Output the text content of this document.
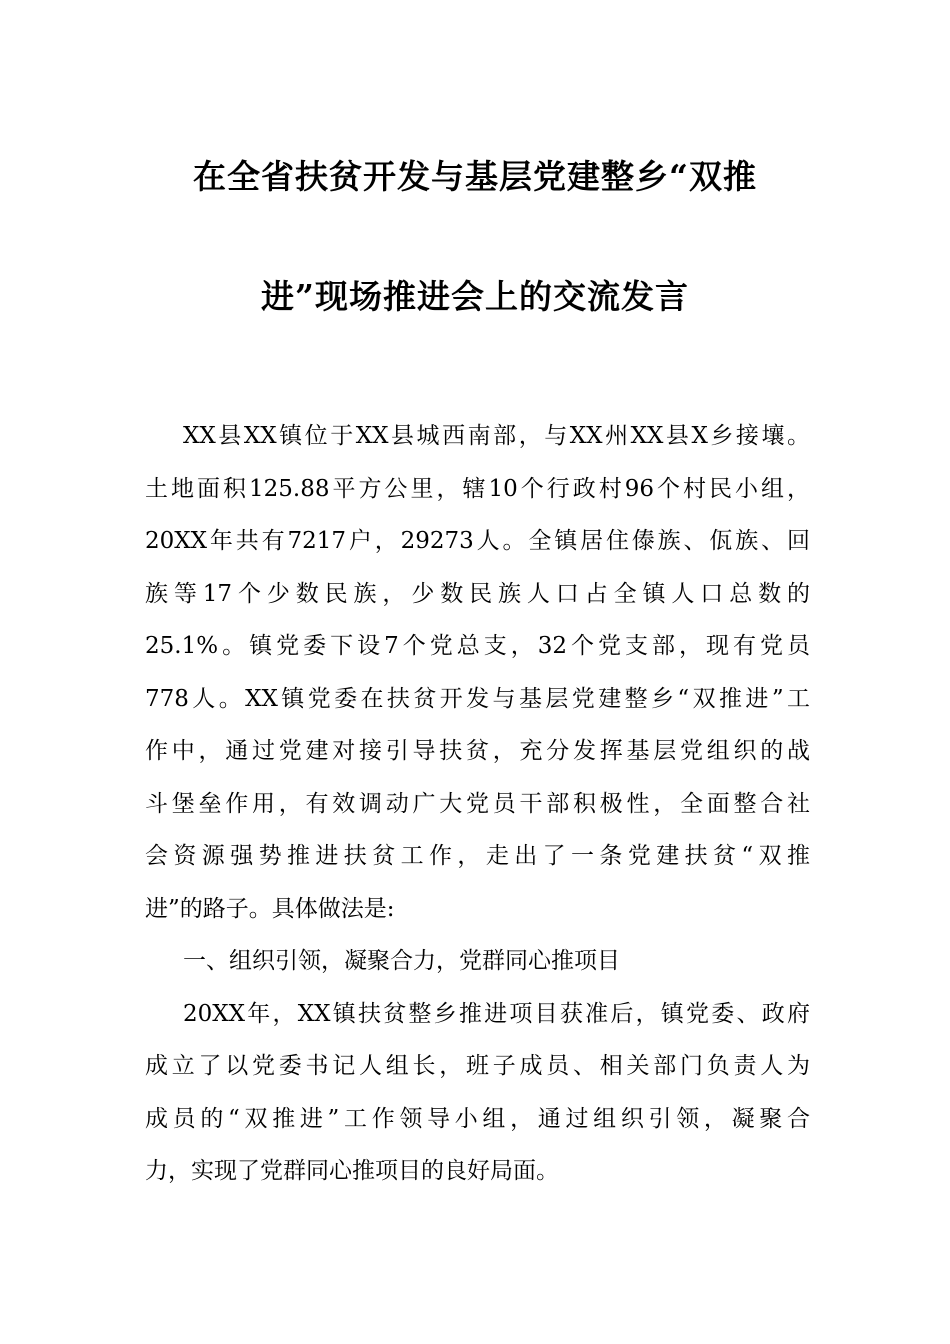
在全省扶贫开发与基层党建整乡“双推
进”现场推进会上的交流发言
XX县XX镇位于XX县城西南部，与XX州XX县X乡接壤。
土地面积125.88平方公里，辖10个行政村96个村民小组，
20XX年共有7217户，29273人。全镇居住傣族、佤族、回
族等17个少数民族，少数民族人口占全镇人口总数的
25.1%。镇党委下设7个党总支，32个党支部，现有党员
778人。XX镇党委在扶贫开发与基层党建整乡“双推进”工
作中，通过党建对接引导扶贫，充分发挥基层党组织的战
斗堡垒作用，有效调动广大党员干部积极性，全面整合社
会资源强势推进扶贫工作，走出了一条党建扶贫“双推
进”的路子。具体做法是:
一、组织引领，凝聚合力，党群同心推项目
20XX年，XX镇扶贫整乡推进项目获准后，镇党委、政府
成立了以党委书记人组长，班子成员、相关部门负责人为
成员的“双推进”工作领导小组，通过组织引领，凝聚合
力，实现了党群同心推项目的良好局面。
